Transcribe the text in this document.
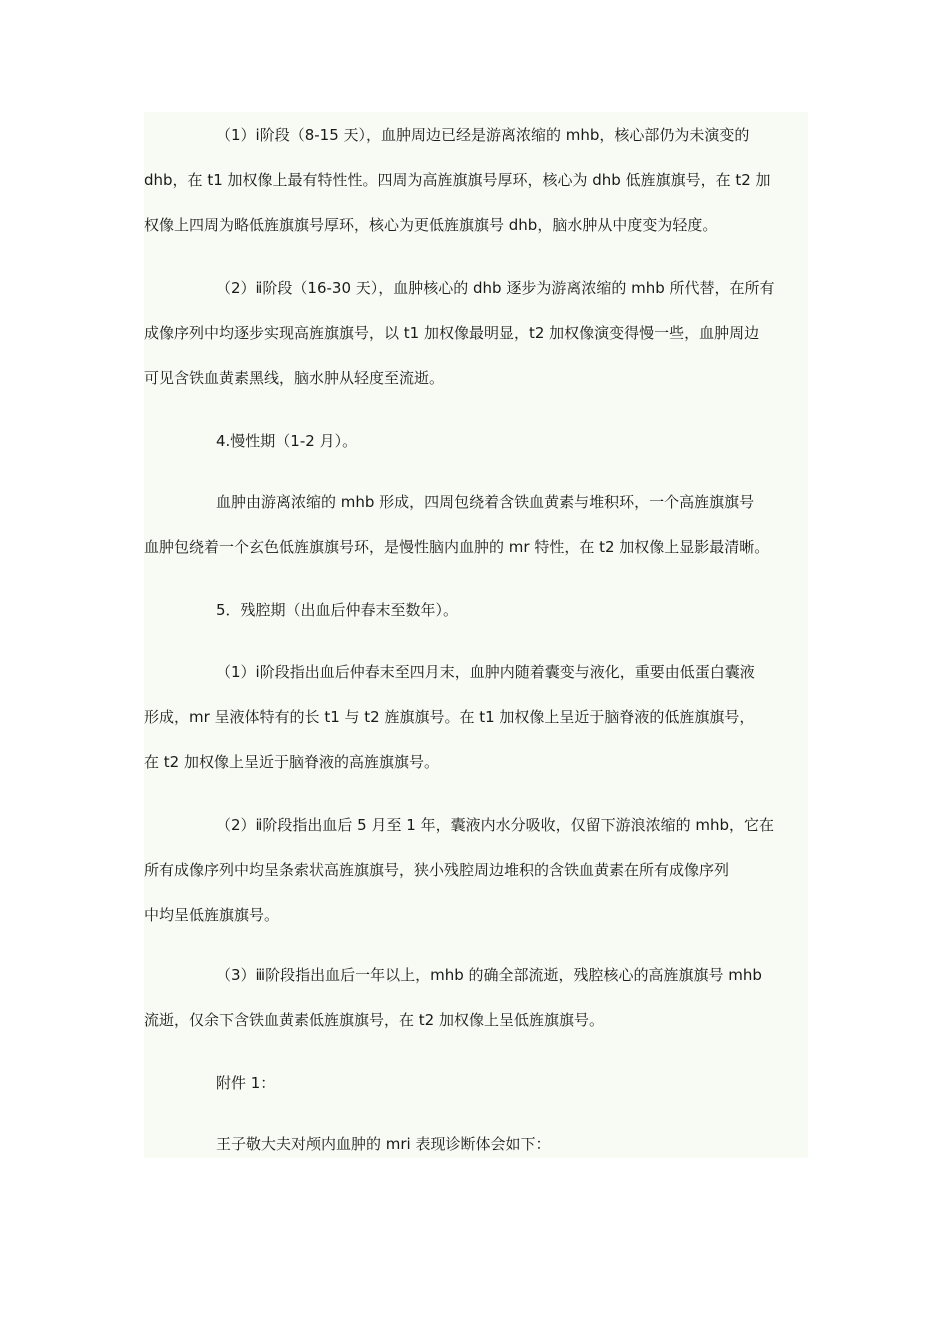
（1）ⅰ阶段（8-15 天），血肿周边已经是游离浓缩的 mhb，核心部仍为未演变的
dhb，在 t1 加权像上最有特性性。四周为高旌旗旗号厚环，核心为 dhb 低旌旗旗号，在 t2 加
权像上四周为略低旌旗旗号厚环，核心为更低旌旗旗号 dhb，脑水肿从中度变为轻度。
（2）ⅱ阶段（16-30 天），血肿核心的 dhb 逐步为游离浓缩的 mhb 所代替，在所有
成像序列中均逐步实现高旌旗旗号，以 t1 加权像最明显，t2 加权像演变得慢一些，血肿周边
可见含铁血黄素黑线，脑水肿从轻度至流逝。
4.慢性期（1-2 月）。
血肿由游离浓缩的 mhb 形成，四周包绕着含铁血黄素与堆积环，一个高旌旗旗号
血肿包绕着一个玄色低旌旗旗号环，是慢性脑内血肿的 mr 特性，在 t2 加权像上显影最清晰。
5．残腔期（出血后仲春末至数年）。
（1）ⅰ阶段指出血后仲春末至四月末，血肿内随着囊变与液化，重要由低蛋白囊液
形成，mr 呈液体特有的长 t1 与 t2 旌旗旗号。在 t1 加权像上呈近于脑脊液的低旌旗旗号，
在 t2 加权像上呈近于脑脊液的高旌旗旗号。
（2）ⅱ阶段指出血后 5 月至 1 年，囊液内水分吸收，仅留下游浪浓缩的 mhb，它在
所有成像序列中均呈条索状高旌旗旗号，狭小残腔周边堆积的含铁血黄素在所有成像序列
中均呈低旌旗旗号。
（3）ⅲ阶段指出血后一年以上，mhb 的确全部流逝，残腔核心的高旌旗旗号 mhb
流逝，仅余下含铁血黄素低旌旗旗号，在 t2 加权像上呈低旌旗旗号。
附件 1：
王子敬大夫对颅内血肿的 mri 表现诊断体会如下：
